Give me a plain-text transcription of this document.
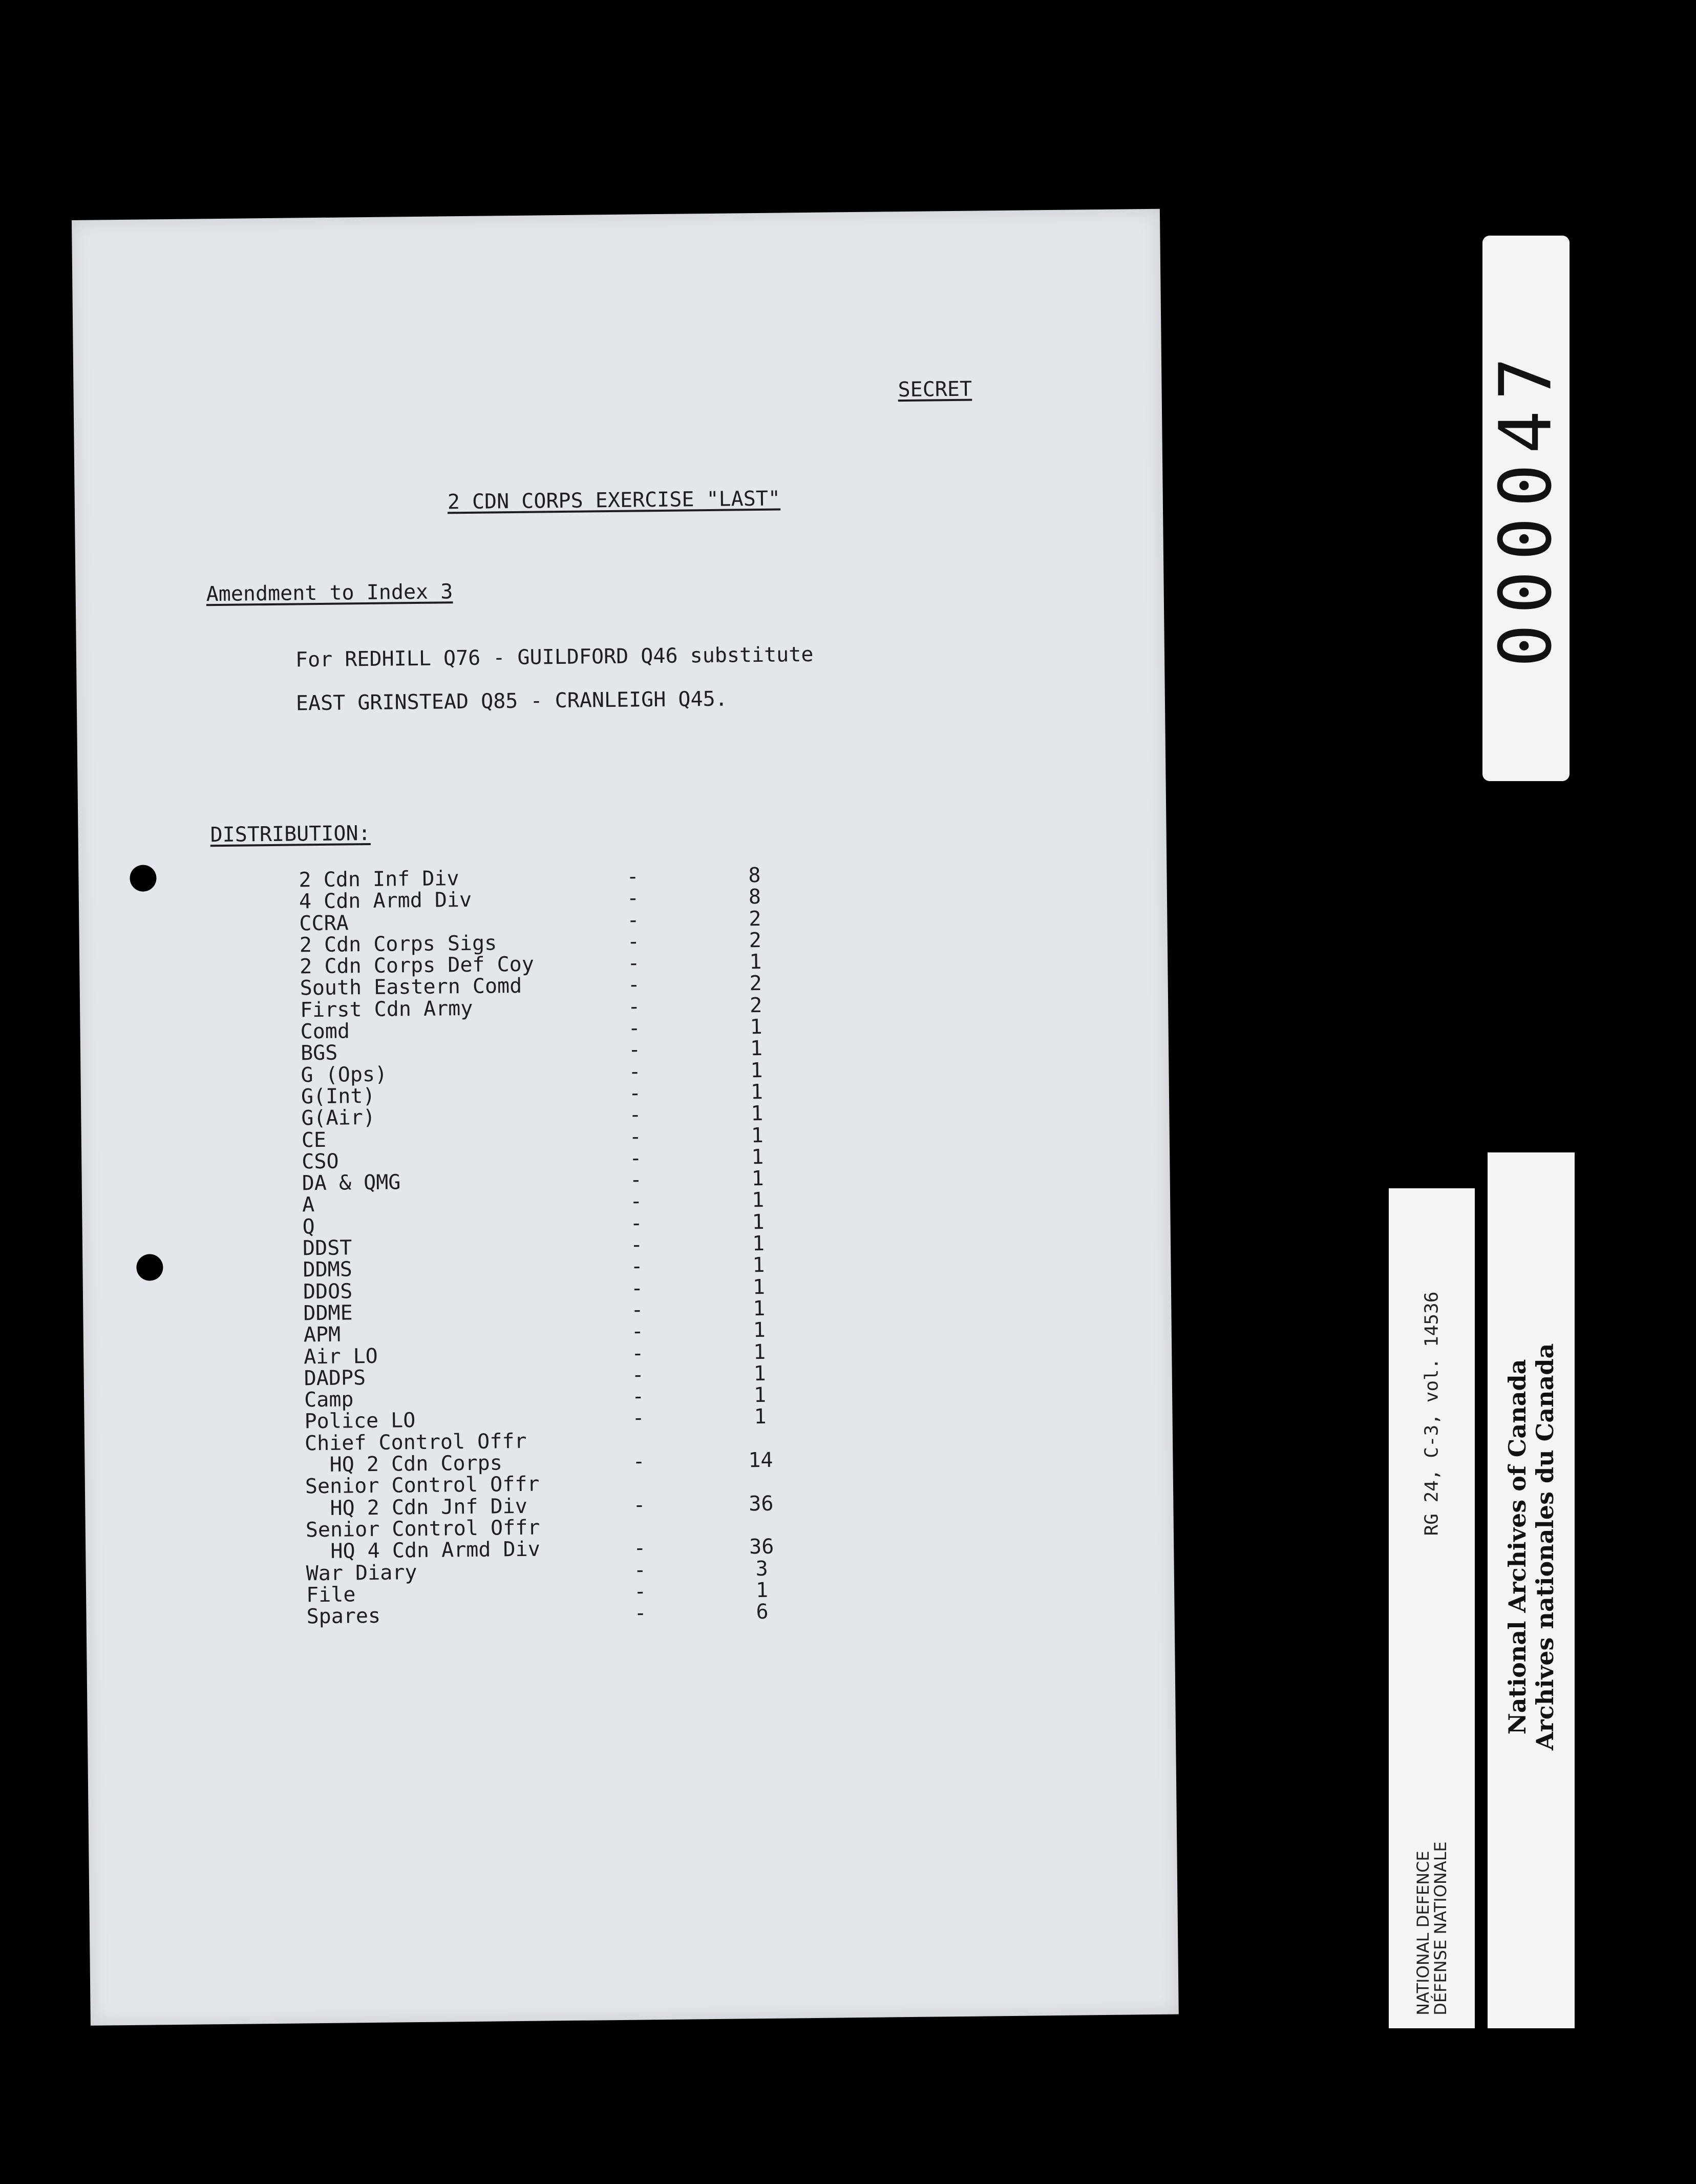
SECRET
2 CDN CORPS EXERCISE "LAST"
Amendment to Index 3
For REDHILL Q76 - GUILDFORD Q46 substitute
EAST GRINSTEAD Q85 - CRANLEIGH Q45.
DISTRIBUTION:
2 Cdn Inf Div	-	8
4 Cdn Armd Div	-	8
CCRA	-	2
2 Cdn Corps Sigs	-	2
2 Cdn Corps Def Coy	-	1
South Eastern Comd	-	2
First Cdn Army	-	2
Comd	-	1
BGS	-	1
G (Ops)	-	1
G(Int)	-	1
G(Air)	-	1
CE	-	1
CSO	-	1
DA & QMG	-	1
A	-	1
Q	-	1
DDST	-	1
DDMS	-	1
DDOS	-	1
DDME	-	1
APM	-	1
Air LO	-	1
DADPS	-	1
Camp	-	1
Police LO	-	1
Chief Control Offr
HQ 2 Cdn Corps	-	14
Senior Control Offr
HQ 2 Cdn Jnf Div	-	36
Senior Control Offr
HQ 4 Cdn Armd Div	-	36
War Diary	-	3
File	-	1
Spares	-	6
000047
RG 24, C-3, vol. 14536
NATIONAL DEFENCE
DÉFENSE NATIONALE
National Archives of Canada
Archives nationales du Canada
